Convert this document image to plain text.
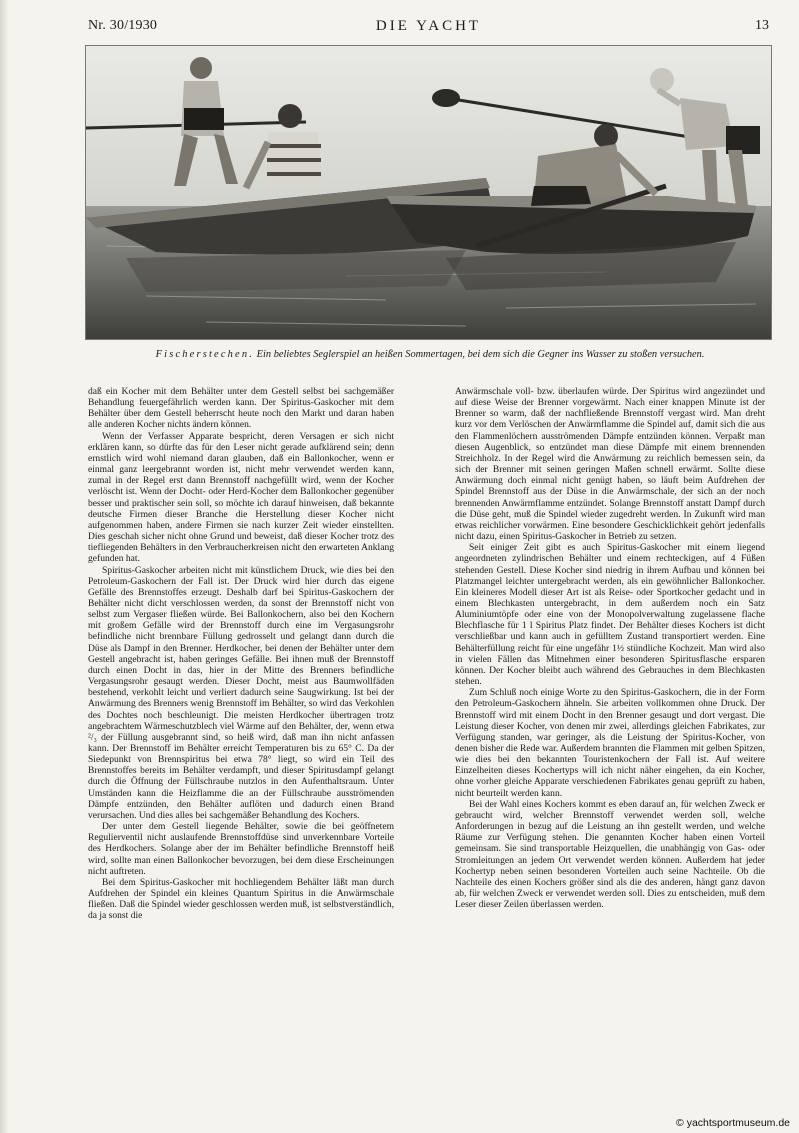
Nr. 30/1930	DIE YACHT	13
Fischerstechen. Ein beliebtes Seglerspiel an heißen Sommertagen, bei dem sich die Gegner ins Wasser zu stoßen versuchen.

daß ein Kocher mit dem Behälter unter dem Gestell selbst bei sachgemäßer Behandlung feuergefährlich werden kann. Der Spiritus-Gaskocher mit dem Behälter über dem Gestell beherrscht heute noch den Markt und daran haben alle anderen Kocher nichts ändern können.

Wenn der Verfasser Apparate bespricht, deren Versagen er sich nicht erklären kann, so dürfte das für den Leser nicht gerade aufklärend sein; denn ernstlich wird wohl niemand daran glauben, daß ein Ballonkocher, wenn er einmal ganz leergebrannt worden ist, nicht mehr verwendet werden kann, zumal in der Regel erst dann Brennstoff nachgefüllt wird, wenn der Kocher verlöscht ist. Wenn der Docht- oder Herd-Kocher dem Ballonkocher gegenüber besser und praktischer sein soll, so möchte ich darauf hinweisen, daß bekannte deutsche Firmen dieser Branche die Herstellung dieser Kocher nicht aufgenommen haben, andere Firmen sie nach kurzer Zeit wieder einstellten. Dies geschah sicher nicht ohne Grund und beweist, daß dieser Kocher trotz des tiefliegenden Behälters in den Verbraucherkreisen nicht den erwarteten Anklang gefunden hat.

Spiritus-Gaskocher arbeiten nicht mit künstlichem Druck, wie dies bei den Petroleum-Gaskochern der Fall ist. Der Druck wird hier durch das eigene Gefälle des Brennstoffes erzeugt. Deshalb darf bei Spiritus-Gaskochern der Behälter nicht dicht verschlossen werden, da sonst der Brennstoff nicht von selbst zum Vergaser fließen würde. Bei Ballonkochern, also bei den Kochern mit großem Gefälle wird der Brennstoff durch eine im Vergasungsrohr befindliche nicht brennbare Füllung gedrosselt und gelangt dann durch die Düse als Dampf in den Brenner. Herdkocher, bei denen der Behälter unter dem Gestell angebracht ist, haben geringes Gefälle. Bei ihnen muß der Brennstoff durch einen Docht in das, hier in der Mitte des Brenners befindliche Vergasungsrohr gesaugt werden. Dieser Docht, meist aus Baumwollfäden bestehend, verkohlt leicht und verliert dadurch seine Saugwirkung. Ist bei der Anwärmung des Brenners wenig Brennstoff im Behälter, so wird das Verkohlen des Dochtes noch beschleunigt. Die meisten Herdkocher übertragen trotz angebrachtem Wärmeschutzblech viel Wärme auf den Behälter, der, wenn etwa ²/₃ der Füllung ausgebrannt sind, so heiß wird, daß man ihn nicht anfassen kann. Der Brennstoff im Behälter erreicht Temperaturen bis zu 65° C. Da der Siedepunkt von Brennspiritus bei etwa 78° liegt, so wird ein Teil des Brennstoffes bereits im Behälter verdampft, und dieser Spiritusdampf gelangt durch die Öffnung der Füllschraube nutzlos in den Aufenthaltsraum. Unter Umständen kann die Heizflamme die an der Füllschraube ausströmenden Dämpfe entzünden, den Behälter auflöten und dadurch einen Brand verursachen. Und dies alles bei sachgemäßer Behandlung des Kochers.

Der unter dem Gestell liegende Behälter, sowie die bei geöffnetem Regulierventil nicht auslaufende Brennstoffdüse sind unverkennbare Vorteile des Herdkochers. Solange aber der im Behälter befindliche Brennstoff heiß wird, sollte man einen Ballonkocher bevorzugen, bei dem diese Erscheinungen nicht auftreten.

Bei dem Spiritus-Gaskocher mit hochliegendem Behälter läßt man durch Aufdrehen der Spindel ein kleines Quantum Spiritus in die Anwärmschale fließen. Daß die Spindel wieder geschlossen werden muß, ist selbstverständlich, da ja sonst die

Anwärmschale voll- bzw. überlaufen würde. Der Spiritus wird angezündet und auf diese Weise der Brenner vorgewärmt. Nach einer knappen Minute ist der Brenner so warm, daß der nachfließende Brennstoff vergast wird. Man dreht kurz vor dem Verlöschen der Anwärmflamme die Spindel auf, damit sich die aus den Flammenlöchern ausströmenden Dämpfe entzünden können. Verpaßt man diesen Augenblick, so entzündet man diese Dämpfe mit einem brennenden Streichholz. In der Regel wird die Anwärmung zu reichlich bemessen sein, da sich der Brenner mit seinen geringen Maßen schnell erwärmt. Sollte diese Anwärmung doch einmal nicht genügt haben, so läuft beim Aufdrehen der Spindel Brennstoff aus der Düse in die Anwärmschale, der sich an der noch brennenden Anwärmflamme entzündet. Solange Brennstoff anstatt Dampf durch die Düse geht, muß die Spindel wieder zugedreht werden. In Zukunft wird man etwas reichlicher vorwärmen. Eine besondere Geschicklichkeit gehört jedenfalls nicht dazu, einen Spiritus-Gaskocher in Betrieb zu setzen.

Seit einiger Zeit gibt es auch Spiritus-Gaskocher mit einem liegend angeordneten zylindrischen Behälter und einem rechteckigen, auf 4 Füßen stehenden Gestell. Diese Kocher sind niedrig in ihrem Aufbau und können bei Platzmangel leichter untergebracht werden, als ein gewöhnlicher Ballonkocher. Ein kleineres Modell dieser Art ist als Reise- oder Sportkocher gedacht und in einem Blechkasten untergebracht, in dem außerdem noch ein Satz Aluminiumtöpfe oder eine von der Monopolverwaltung zugelassene flache Blechflasche für 1 l Spiritus Platz findet. Der Behälter dieses Kochers ist dicht verschließbar und kann auch in gefülltem Zustand transportiert werden. Eine Behälterfüllung reicht für eine ungefähr 1½ stündliche Kochzeit. Man wird also in vielen Fällen das Mitnehmen einer besonderen Spiritusflasche ersparen können. Der Kocher bleibt auch während des Gebrauches in dem Blechkasten stehen.

Zum Schluß noch einige Worte zu den Spiritus-Gaskochern, die in der Form den Petroleum-Gaskochern ähneln. Sie arbeiten vollkommen ohne Druck. Der Brennstoff wird mit einem Docht in den Brenner gesaugt und dort vergast. Die Leistung dieser Kocher, von denen mir zwei, allerdings gleichen Fabrikates, zur Verfügung standen, war geringer, als die Leistung der Spiritus-Kocher, von denen bisher die Rede war. Außerdem brannten die Flammen mit gelben Spitzen, wie dies bei den bekannten Touristenkochern der Fall ist. Auf weitere Einzelheiten dieses Kochertyps will ich nicht näher eingehen, da ein Kocher, ohne vorher gleiche Apparate verschiedenen Fabrikates genau geprüft zu haben, nicht beurteilt werden kann.

Bei der Wahl eines Kochers kommt es eben darauf an, für welchen Zweck er gebraucht wird, welcher Brennstoff verwendet werden soll, welche Anforderungen in bezug auf die Leistung an ihn gestellt werden, und welche Räume zur Verfügung stehen. Die genannten Kocher haben einen Vorteil gemeinsam. Sie sind transportable Heizquellen, die unabhängig von Gas- oder Stromleitungen an jedem Ort verwendet werden können. Außerdem hat jeder Kochertyp neben seinen besonderen Vorteilen auch seine Nachteile. Ob die Nachteile des einen Kochers größer sind als die des anderen, hängt ganz davon ab, für welchen Zweck er verwendet werden soll. Dies zu entscheiden, muß dem Leser dieser Zeilen überlassen werden.

© yachtsportmuseum.de
